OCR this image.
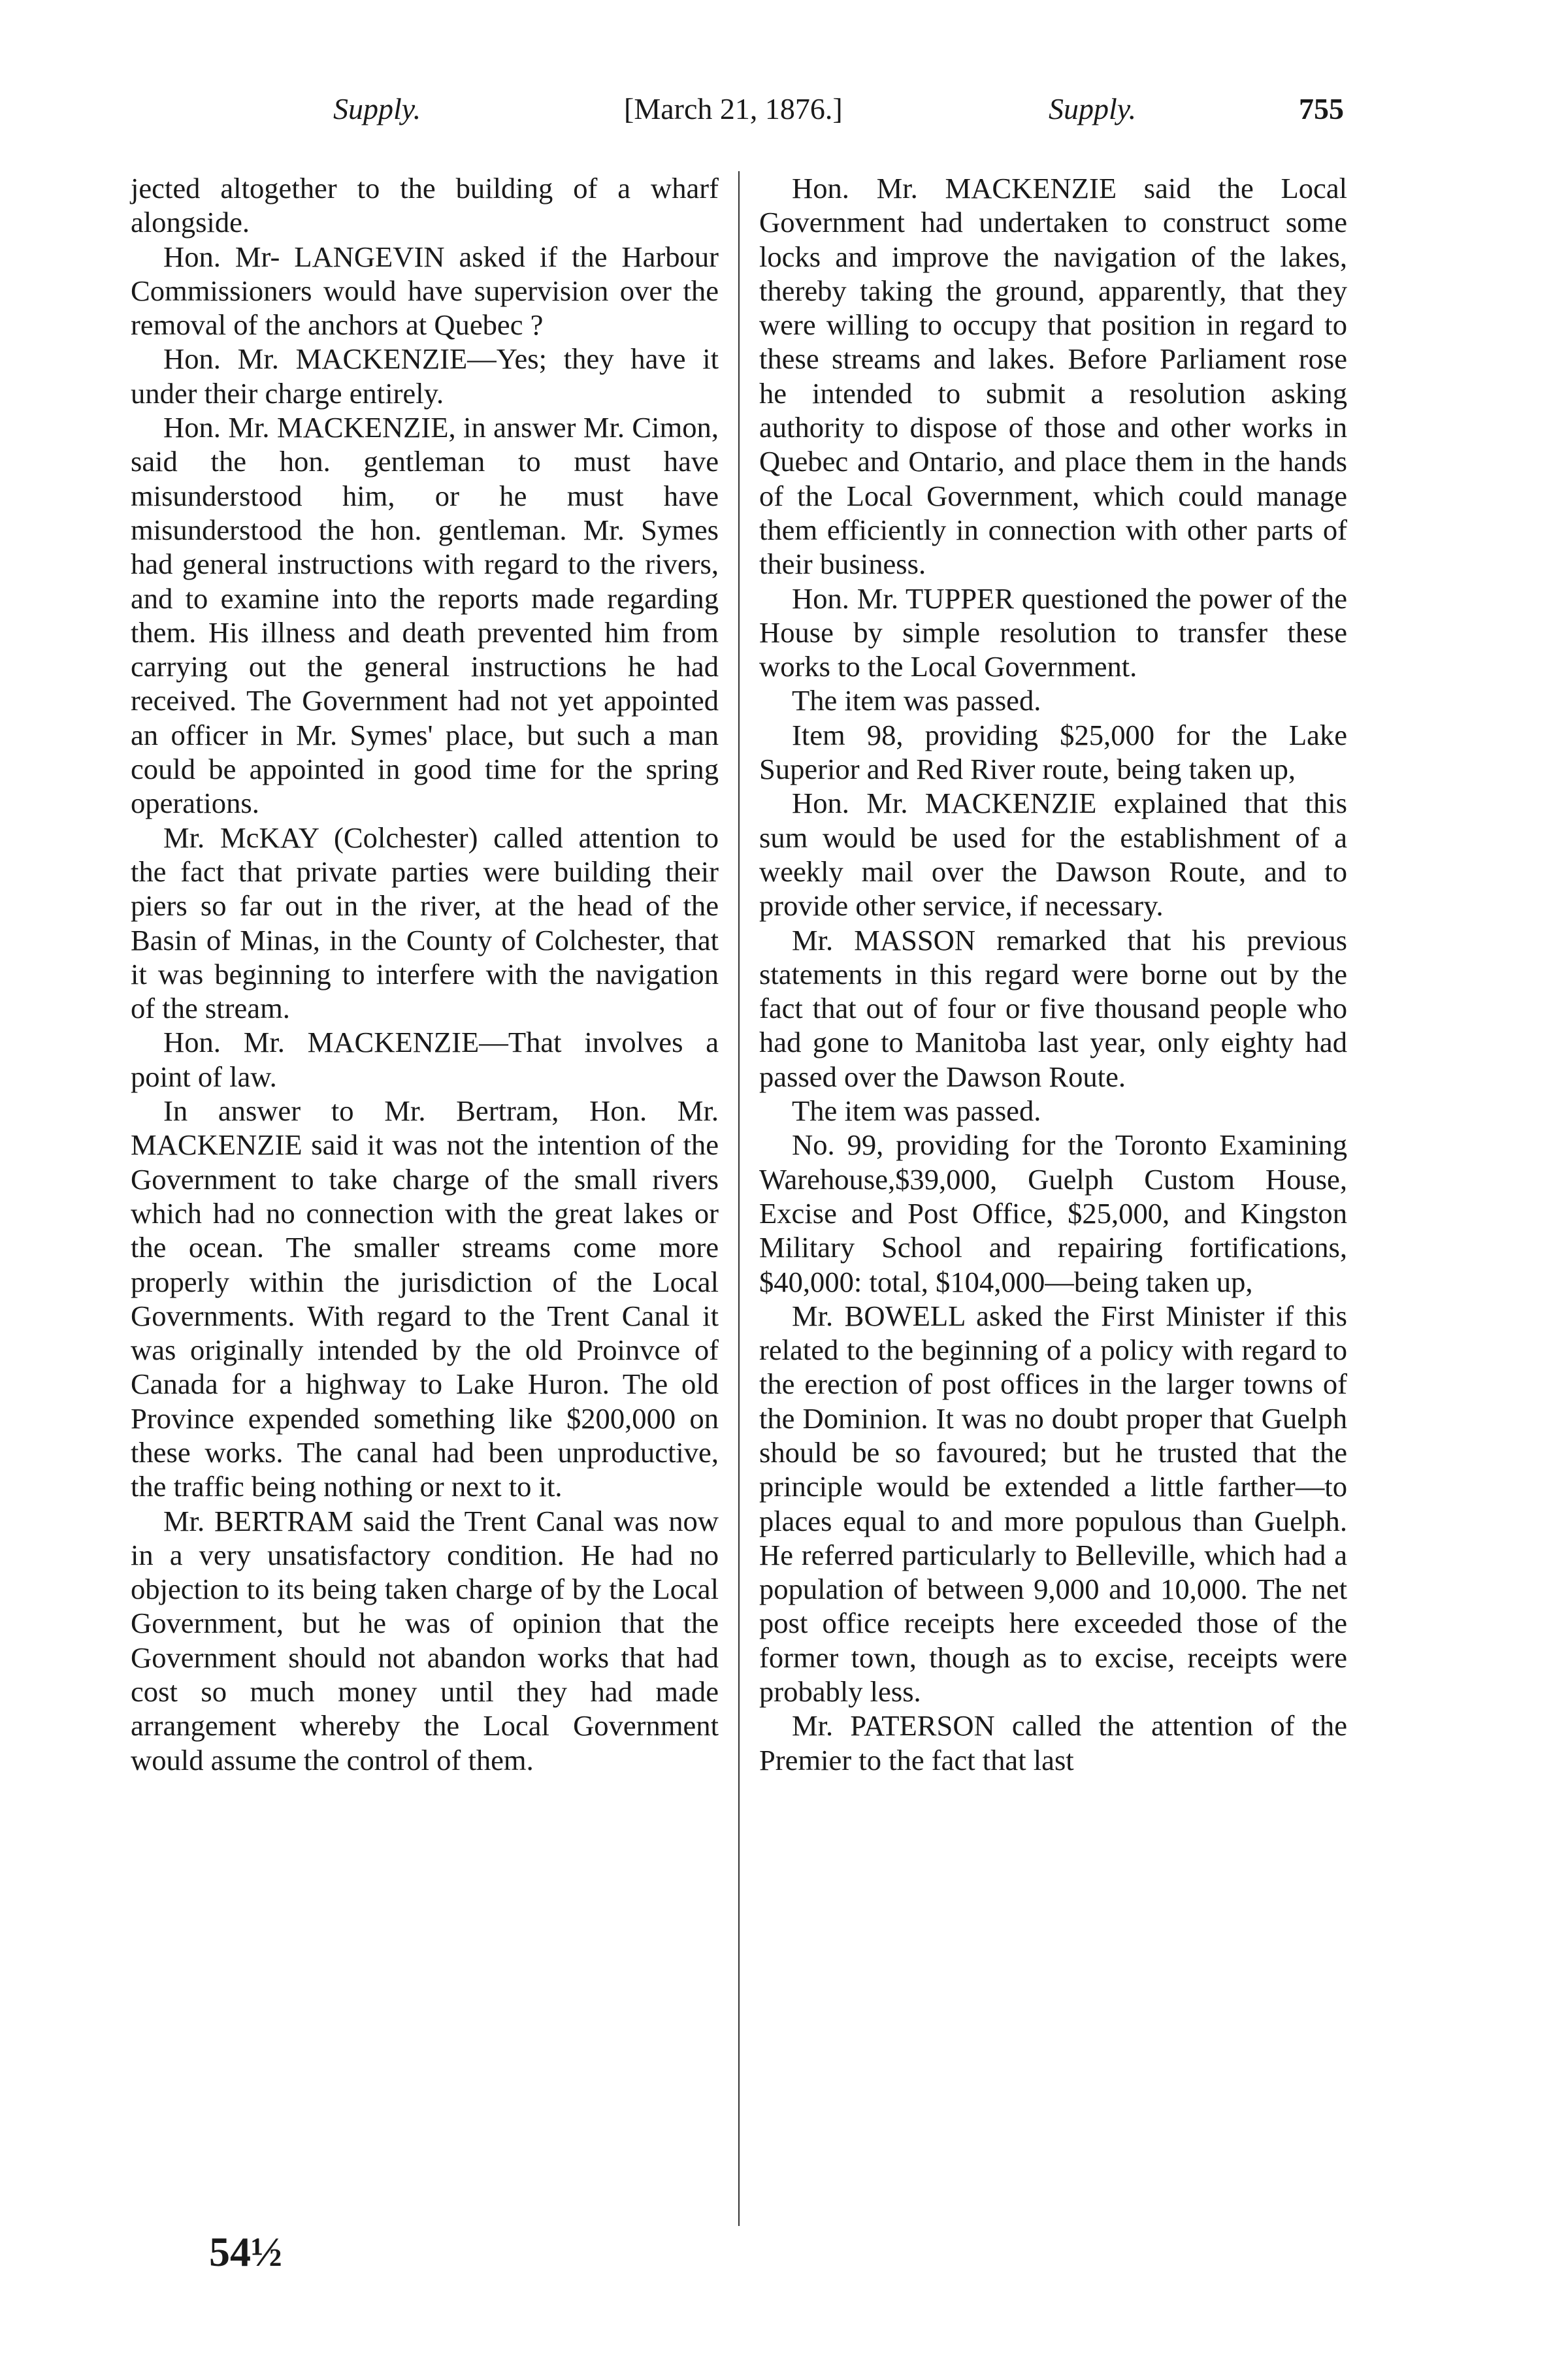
Supply.	[March 21, 1876.]	Supply.	755

jected altogether to the building of a wharf alongside.

Hon. Mr- LANGEVIN asked if the Harbour Commissioners would have supervision over the removal of the anchors at Quebec ?

Hon. Mr. MACKENZIE—Yes; they have it under their charge entirely.

Hon. Mr. MACKENZIE, in answer Mr. Cimon, said the hon. gentleman to must have misunderstood him, or he must have misunderstood the hon. gentleman. Mr. Symes had general instructions with regard to the rivers, and to examine into the reports made regarding them. His illness and death prevented him from carrying out the general instructions he had received. The Government had not yet appointed an officer in Mr. Symes' place, but such a man could be appointed in good time for the spring operations.

Mr. McKAY (Colchester) called attention to the fact that private parties were building their piers so far out in the river, at the head of the Basin of Minas, in the County of Colchester, that it was beginning to interfere with the navigation of the stream.

Hon. Mr. MACKENZIE—That involves a point of law.

In answer to Mr. Bertram, Hon. Mr. MACKENZIE said it was not the intention of the Government to take charge of the small rivers which had no connection with the great lakes or the ocean. The smaller streams come more properly within the jurisdiction of the Local Governments. With regard to the Trent Canal it was originally intended by the old Proinvce of Canada for a highway to Lake Huron. The old Province expended something like $200,000 on these works. The canal had been unproductive, the traffic being nothing or next to it.

Mr. BERTRAM said the Trent Canal was now in a very unsatisfactory condition. He had no objection to its being taken charge of by the Local Government, but he was of opinion that the Government should not abandon works that had cost so much money until they had made arrangement whereby the Local Government would assume the control of them.

Hon. Mr. MACKENZIE said the Local Government had undertaken to construct some locks and improve the navigation of the lakes, thereby taking the ground, apparently, that they were willing to occupy that position in regard to these streams and lakes. Before Parliament rose he intended to submit a resolution asking authority to dispose of those and other works in Quebec and Ontario, and place them in the hands of the Local Government, which could manage them efficiently in connection with other parts of their business.

Hon. Mr. TUPPER questioned the power of the House by simple resolution to transfer these works to the Local Government.

The item was passed.

Item 98, providing $25,000 for the Lake Superior and Red River route, being taken up,

Hon. Mr. MACKENZIE explained that this sum would be used for the establishment of a weekly mail over the Dawson Route, and to provide other service, if necessary.

Mr. MASSON remarked that his previous statements in this regard were borne out by the fact that out of four or five thousand people who had gone to Manitoba last year, only eighty had passed over the Dawson Route.

The item was passed.

No. 99, providing for the Toronto Examining Warehouse,$39,000, Guelph Custom House, Excise and Post Office, $25,000, and Kingston Military School and repairing fortifications, $40,000: total, $104,000—being taken up,

Mr. BOWELL asked the First Minister if this related to the beginning of a policy with regard to the erection of post offices in the larger towns of the Dominion. It was no doubt proper that Guelph should be so favoured; but he trusted that the principle would be extended a little farther—to places equal to and more populous than Guelph. He referred particularly to Belleville, which had a population of between 9,000 and 10,000. The net post office receipts here exceeded those of the former town, though as to excise, receipts were probably less.

Mr. PATERSON called the attention of the Premier to the fact that last

54½
